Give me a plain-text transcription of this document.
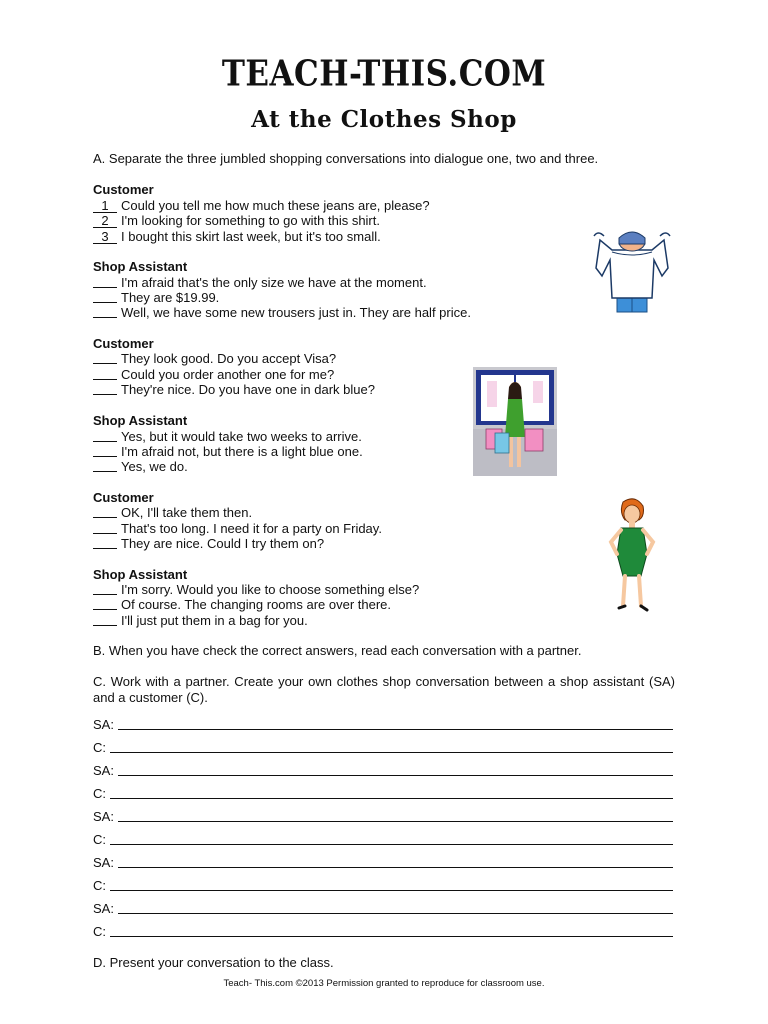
TEACH-THIS.COM
At the Clothes Shop
A. Separate the three jumbled shopping conversations into dialogue one, two and three.
Customer
1 Could you tell me how much these jeans are, please?
2 I'm looking for something to go with this shirt.
3 I bought this skirt last week, but it's too small.
Shop Assistant
I'm afraid that's the only size we have at the moment.
They are $19.99.
Well, we have some new trousers just in. They are half price.
Customer
They look good. Do you accept Visa?
Could you order another one for me?
They're nice. Do you have one in dark blue?
Shop Assistant
Yes, but it would take two weeks to arrive.
I'm afraid not, but there is a light blue one.
Yes, we do.
Customer
OK, I'll take them then.
That's too long. I need it for a party on Friday.
They are nice. Could I try them on?
Shop Assistant
I'm sorry. Would you like to choose something else?
Of course. The changing rooms are over there.
I'll just put them in a bag for you.
B. When you have check the correct answers, read each conversation with a partner.
C. Work with a partner. Create your own clothes shop conversation between a shop assistant (SA) and a customer (C).
SA:
C:
SA:
C:
SA:
C:
SA:
C:
SA:
C:
D. Present your conversation to the class.
Teach- This.com ©2013 Permission granted to reproduce for classroom use.
